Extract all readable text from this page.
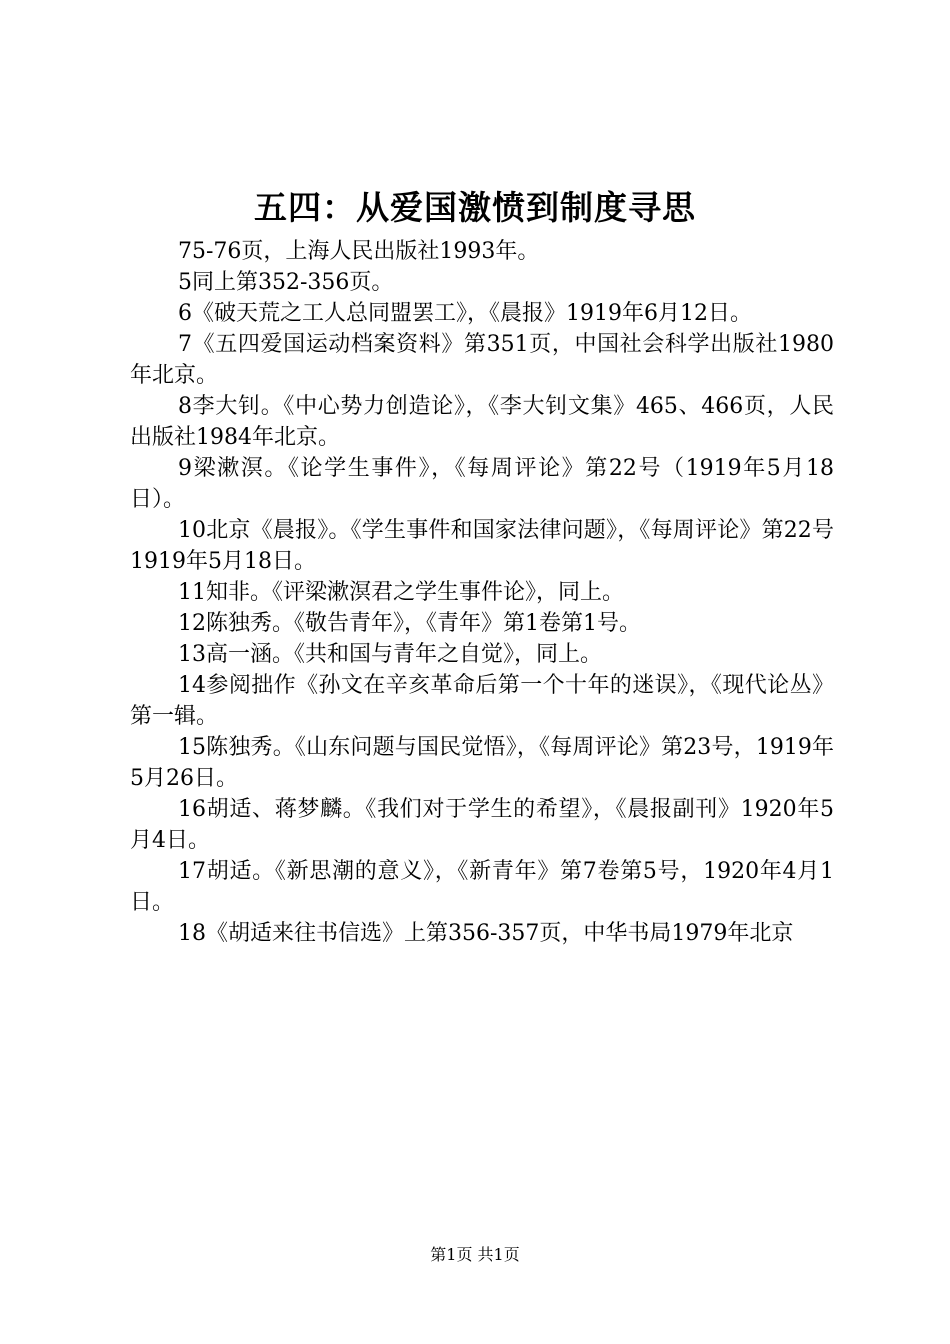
五四：从爱国激愤到制度寻思

75-76页，上海人民出版社1993年。

5同上第352-356页。

6《破天荒之工人总同盟罢工》，《晨报》1919年6月12日。

7《五四爱国运动档案资料》第351页，中国社会科学出版社1980年北京。

8李大钊。《中心势力创造论》，《李大钊文集》465、466页，人民出版社1984年北京。

9梁漱溟。《论学生事件》，《每周评论》第22号（1919年5月18日）。

10北京《晨报》。《学生事件和国家法律问题》，《每周评论》第22号1919年5月18日。

11知非。《评梁漱溟君之学生事件论》，同上。

12陈独秀。《敬告青年》，《青年》第1卷第1号。

13高一涵。《共和国与青年之自觉》，同上。

14参阅拙作《孙文在辛亥革命后第一个十年的迷误》，《现代论丛》第一辑。

15陈独秀。《山东问题与国民觉悟》，《每周评论》第23号，1919年5月26日。

16胡适、蒋梦麟。《我们对于学生的希望》，《晨报副刊》1920年5月4日。

17胡适。《新思潮的意义》，《新青年》第7卷第5号，1920年4月1日。

18《胡适来往书信选》上第356-357页，中华书局1979年北京

第1页 共1页
